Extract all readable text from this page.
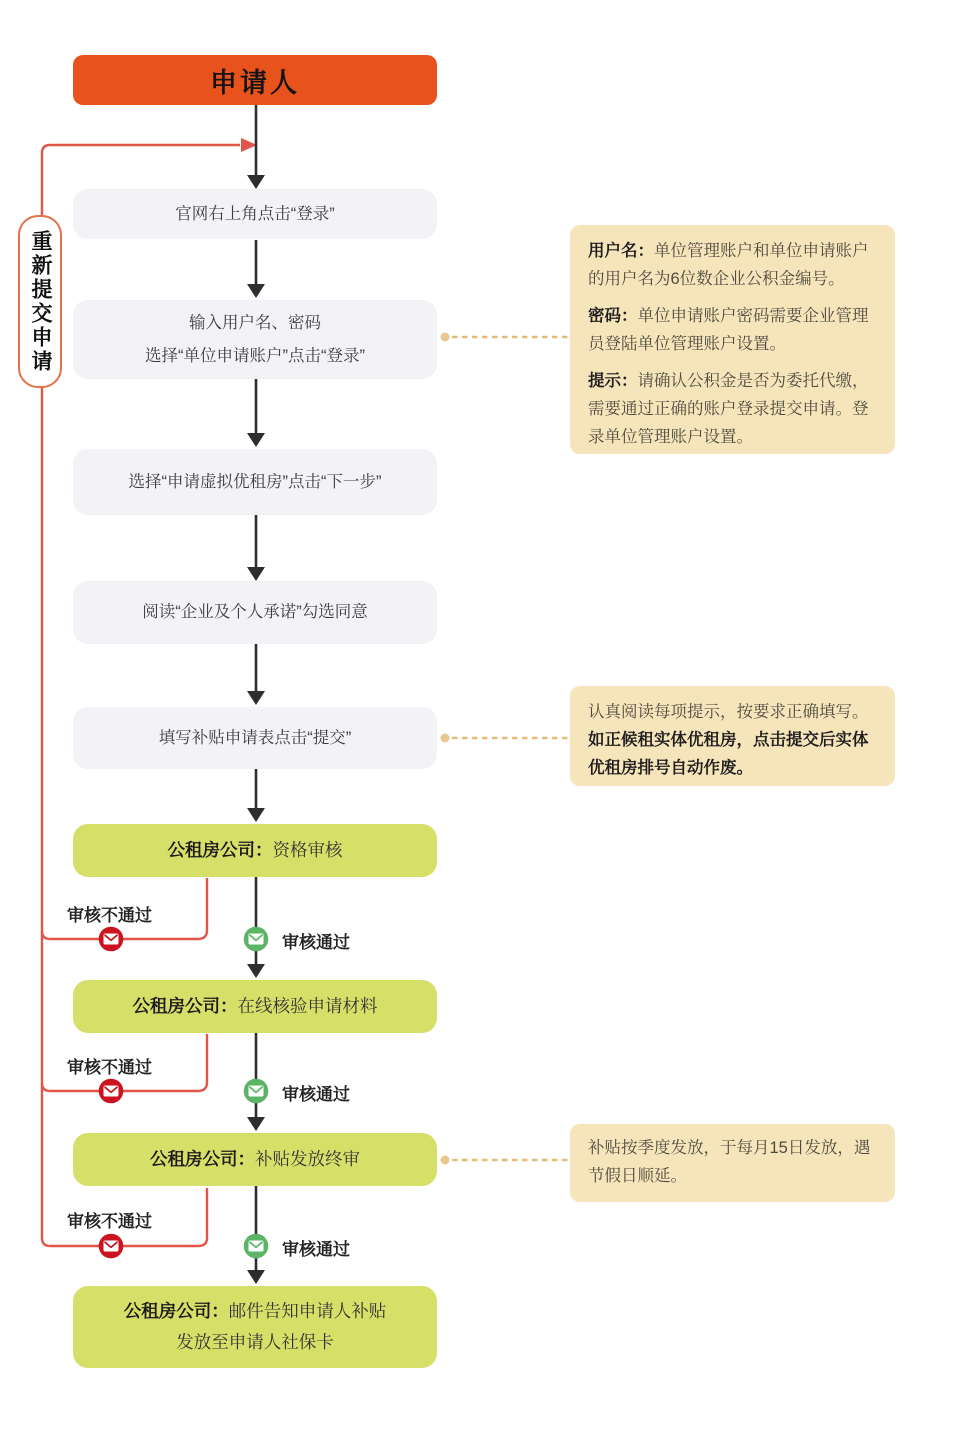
申请人
重新提交申请
官网右上角点击“登录”
输入用户名、密码
选择“单位申请账户”点击“登录”
选择“申请虚拟优租房”点击“下一步”
阅读“企业及个人承诺”勾选同意
填写补贴申请表点击“提交”
公租房公司：资格审核
公租房公司：在线核验申请材料
公租房公司：补贴发放终审
公租房公司：邮件告知申请人补贴
发放至申请人社保卡
审核不通过
审核不通过
审核不通过
审核通过
审核通过
审核通过

用户名：单位管理账户和单位申请账户的用户名为6位数企业公积金编号。

密码：单位申请账户密码需要企业管理员登陆单位管理账户设置。

提示：请确认公积金是否为委托代缴，需要通过正确的账户登录提交申请。登录单位管理账户设置。

认真阅读每项提示，按要求正确填写。

如正候租实体优租房，点击提交后实体优租房排号自动作废。

补贴按季度发放，于每月15日发放，遇节假日顺延。
